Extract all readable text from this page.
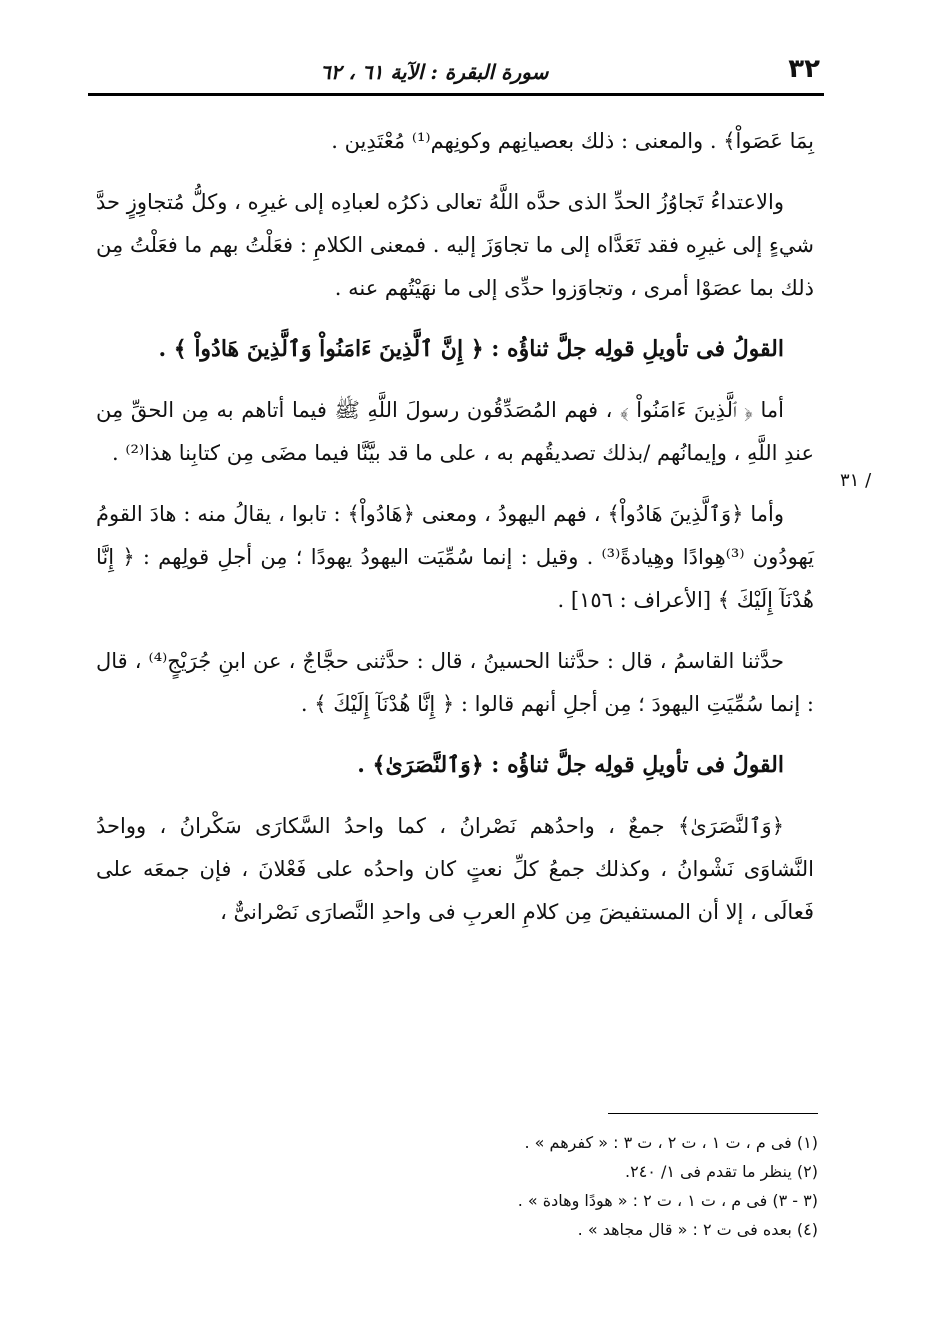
٣٢
سورة البقرة : الآية ٦١ ، ٦٢
٣١ /

بِمَا عَصَواْ﴾ . والمعنى : ذلك بعصيانِهم وكونِهم⁽¹⁾ مُعْتَدِين .

والاعتداءُ تَجاوُزُ الحدِّ الذى حدَّه اللَّهُ تعالى ذكرُه لعبادِه إلى غيرِه ، وكلُّ مُتجاوِزٍ حدَّ شيءٍ إلى غيرِه فقد تَعَدَّاه إلى ما تجاوَزَ إليه . فمعنى الكلامِ : فعَلْتُ بهم ما فعَلْتُ مِن ذلك بما عصَوْا أمرى ، وتجاوَزوا حدِّى إلى ما نهَيْتُهم عنه .

القولُ فى تأويلِ قولِه جلَّ ثناؤُه : ﴿ إِنَّ ٱلَّذِينَ ءَامَنُواْ وَٱلَّذِينَ هَادُواْ ﴾ .

أما ﴿ ٱلَّذِينَ ءَامَنُواْ ﴾ ، فهم المُصَدِّقُون رسولَ اللَّهِ ﷺ فيما أتاهم به مِن الحقِّ مِن عندِ اللَّهِ ، وإيمانُهم /بذلك تصديقُهم به ، على ما قد بيَّنَّا فيما مضَى مِن كتابِنا هذا⁽²⁾ .

وأما ﴿وَٱلَّذِينَ هَادُواْ﴾ ، فهم اليهودُ ، ومعنى ﴿هَادُواْ﴾ : تابوا ، يقالُ منه : هادَ القومُ يَهودُون ⁽³⁾هِوادًا وهِيادةً⁽³⁾ . وقيل : إنما سُمِّيَت اليهودُ يهودًا ؛ مِن أجلِ قولِهم : ﴿ إِنَّا هُدْنَآ إِلَيْكَ ﴾ [الأعراف : ١٥٦] .

حدَّثنا القاسمُ ، قال : حدَّثنا الحسينُ ، قال : حدَّثنى حجَّاجٌ ، عن ابنِ جُرَيْجٍ⁽⁴⁾ ، قال : إنما سُمِّيَتِ اليهودَ ؛ مِن أجلِ أنهم قالوا : ﴿ إِنَّا هُدْنَآ إِلَيْكَ ﴾ .

القولُ فى تأويلِ قولِه جلَّ ثناؤُه : ﴿وَٱلنَّصَرَىٰ﴾ .

﴿وَٱلنَّصَرَىٰ﴾ جمعٌ ، واحدُهم نَصْرانُ ، كما واحدُ السَّكارَى سَكْرانُ ، وواحدُ النَّشاوَى نَشْوانُ ، وكذلك جمعُ كلِّ نعتٍ كان واحدُه على فَعْلانَ ، فإن جمعَه على فَعالَى ، إلا أن المستفيضَ مِن كلامِ العربِ فى واحدِ النَّصارَى نَصْرانىٌّ ،

(١) فى م ، ت ١ ، ت ٢ ، ت ٣ : « كفرهم » .

(٢) ينظر ما تقدم فى ١/ ٢٤٠.

(٣ - ٣) فى م ، ت ١ ، ت ٢ : « هودًا وهادة » .

(٤) بعده فى ت ٢ : « قال مجاهد » .
